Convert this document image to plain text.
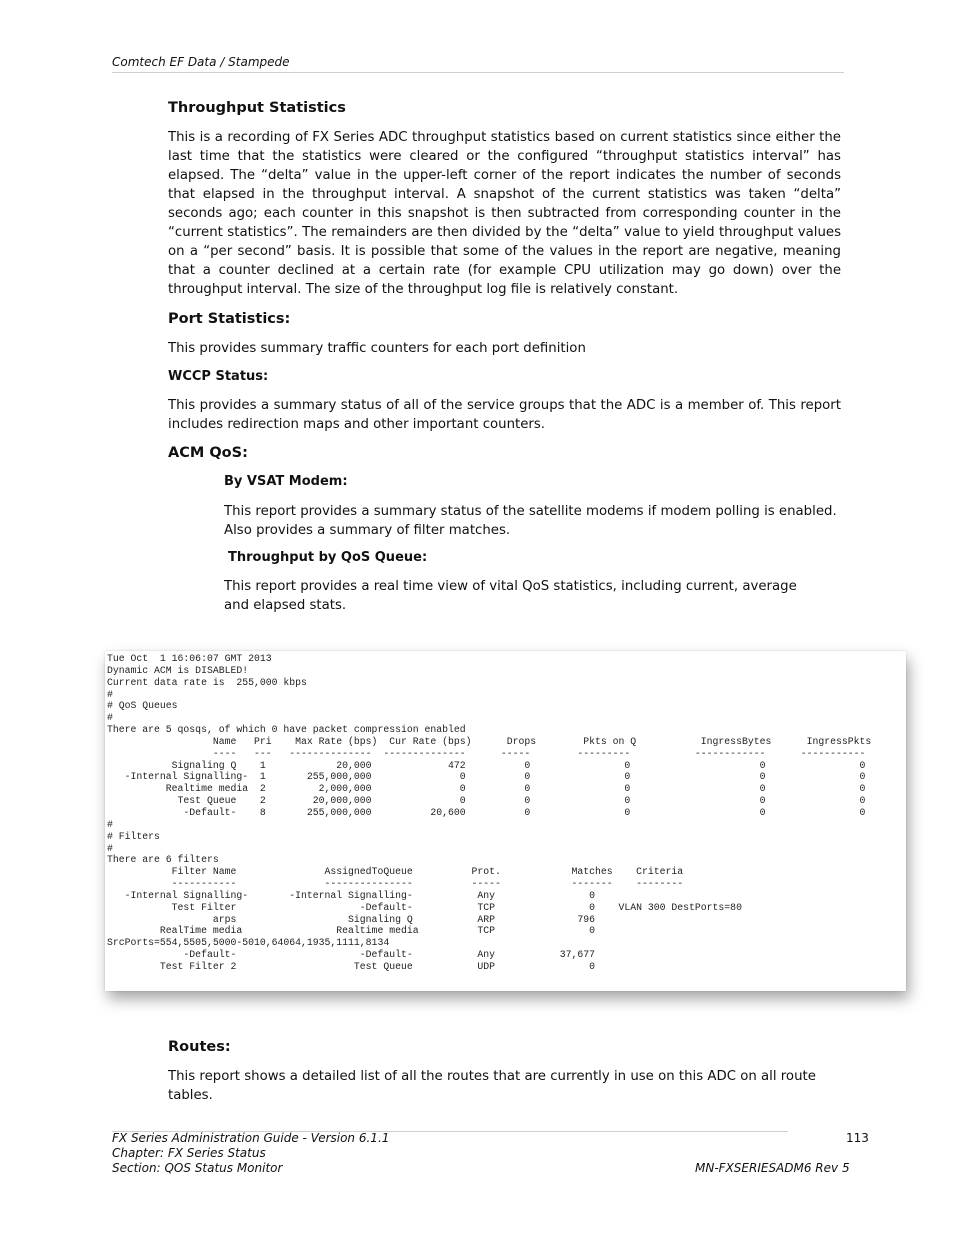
Comtech EF Data / Stampede
Throughput Statistics

This is a recording of FX Series ADC throughput statistics based on current statistics since either the last time that the statistics were cleared or the configured “throughput statistics interval” has elapsed. The “delta” value in the upper-left corner of the report indicates the number of seconds that elapsed in the throughput interval. A snapshot of the current statistics was taken “delta” seconds ago; each counter in this snapshot is then subtracted from corresponding counter in the “current statistics”. The remainders are then divided by the “delta” value to yield throughput values on a “per second” basis. It is possible that some of the values in the report are negative, meaning that a counter declined at a certain rate (for example CPU utilization may go down) over the throughput interval. The size of the throughput log file is relatively constant.

Port Statistics:

This provides summary traffic counters for each port definition

WCCP Status:

This provides a summary status of all of the service groups that the ADC is a member of. This report includes redirection maps and other important counters.

ACM QoS:
By VSAT Modem:

This report provides a summary status of the satellite modems if modem polling is enabled. Also provides a summary of filter matches.

Throughput by QoS Queue:

This report provides a real time view of vital QoS statistics, including current, average and elapsed stats.

Tue Oct  1 16:06:07 GMT 2013
Dynamic ACM is DISABLED!
Current data rate is  255,000 kbps
#
# QoS Queues
#
There are 5 qosqs, of which 0 have packet compression enabled
Name   Pri    Max Rate (bps)  Cur Rate (bps)      Drops        Pkts on Q           IngressBytes      IngressPkts
----   ---   --------------  --------------      -----        ---------           ------------      -----------
Signaling Q    1            20,000             472          0                0                      0                0
-Internal Signalling-  1       255,000,000               0          0                0                      0                0
Realtime media  2         2,000,000               0          0                0                      0                0
Test Queue    2        20,000,000               0          0                0                      0                0
-Default-    8       255,000,000          20,600          0                0                      0                0
#
# Filters
#
There are 6 filters
Filter Name               AssignedToQueue          Prot.            Matches    Criteria
-----------               ---------------          -----            -------    --------
-Internal Signalling-       -Internal Signalling-           Any                0
Test Filter                     -Default-           TCP                0    VLAN 300 DestPorts=80
arps                   Signaling Q           ARP              796
RealTime media                Realtime media          TCP                0
SrcPorts=554,5505,5000-5010,64064,1935,1111,8134
-Default-                     -Default-           Any           37,677
Test Filter 2                    Test Queue           UDP                0

Routes:

This report shows a detailed list of all the routes that are currently in use on this ADC on all route tables.

FX Series Administration Guide - Version 6.1.1
Chapter: FX Series Status
Section: QOS Status Monitor
113
MN-FXSERIESADM6 Rev 5
